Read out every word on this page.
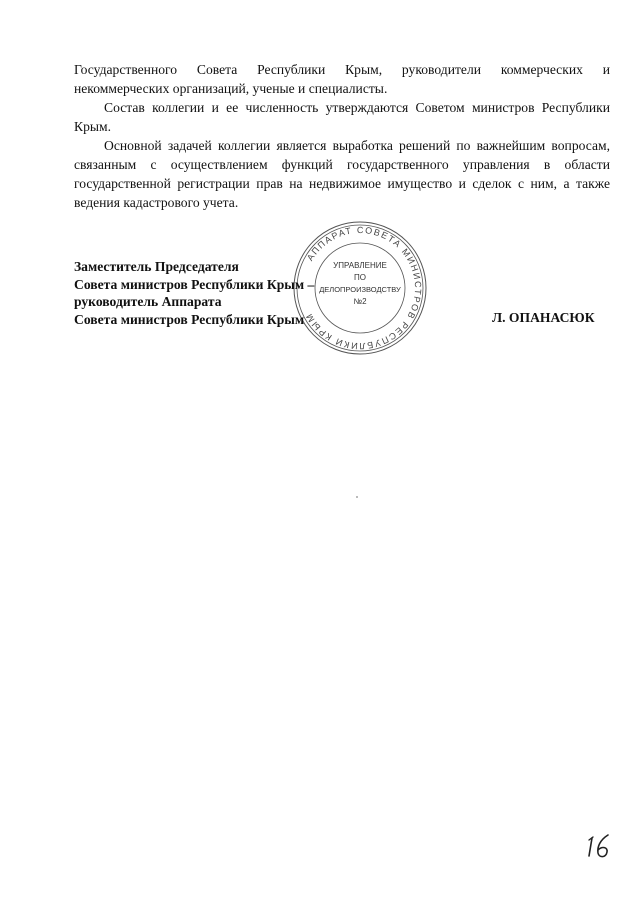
Государственного Совета Республики Крым, руководители коммерческих и некоммерческих организаций, ученые и специалисты.

Состав коллегии и ее численность утверждаются Советом министров Республики Крым.

Основной задачей коллегии является выработка решений по важнейшим вопросам, связанным с осуществлением функций государственного управления в области государственной регистрации прав на недвижимое имущество и сделок с ним, а также ведения кадастрового учета.

АППАРАТ СОВЕТА МИНИСТРОВ РЕСПУБЛИКИ КРЫМ
УПРАВЛЕНИЕ
ПО
ДЕЛОПРОИЗВОДСТВУ
№2
Заместитель Председателя
Совета министров Республики Крым –
руководитель Аппарата
Совета министров Республики Крым	Л. ОПАНАСЮК
